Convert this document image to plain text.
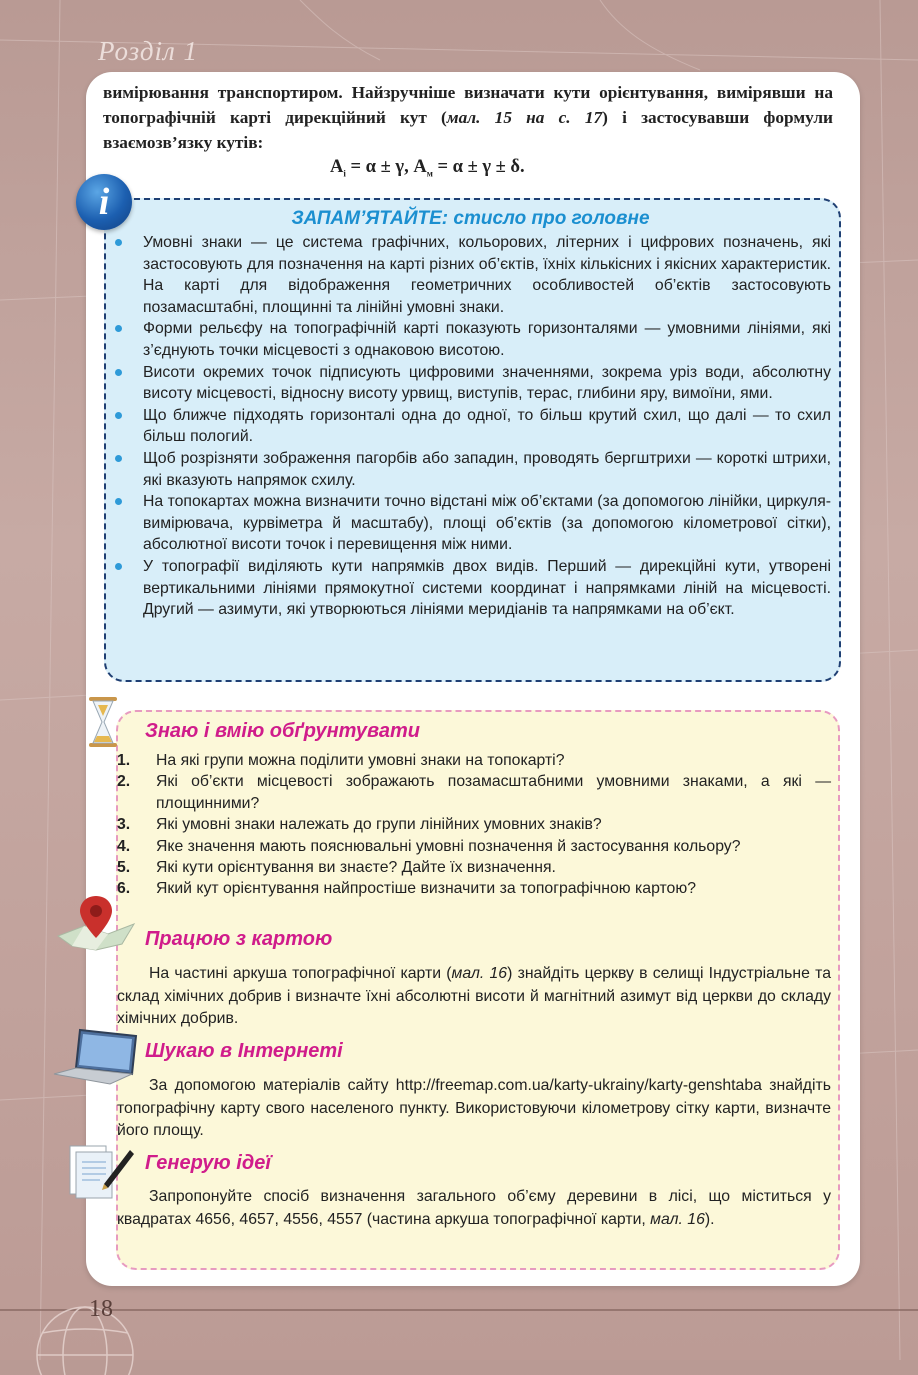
Розділ 1
вимірювання транспортиром. Найзручніше визначати кути орієнтування, вимірявши на топографічній карті дирекційний кут (мал. 15 на с. 17) і застосувавши формули взаємозв’язку кутів:
$А_і = \alpha \pm \gamma$, $А_м = \alpha \pm \gamma \pm \delta$.
i	ЗАПАМ’ЯТАЙТЕ: стисло про головне
Умовні знаки — це система графічних, кольорових, літерних і цифрових позначень, які застосовують для позначення на карті різних об’єктів, їхніх кількісних і якісних характеристик. На карті для відображення геометричних особливостей об’єктів застосовують позамасштабні, площинні та лінійні умовні знаки.
Форми рельєфу на топографічній карті показують горизонталями — умовними лініями, які з’єднують точки місцевості з однаковою висотою.
Висоти окремих точок підписують цифровими значеннями, зокрема уріз води, абсолютну висоту місцевості, відносну висоту урвищ, виступів, терас, глибини яру, вимоїни, ями.
Що ближче підходять горизонталі одна до одної, то більш крутий схил, що далі — то схил більш пологий.
Щоб розрізняти зображення пагорбів або западин, проводять бергштрихи — короткі штрихи, які вказують напрямок схилу.
На топокартах можна визначити точно відстані між об’єктами (за допомогою лінійки, циркуля-вимірювача, курвіметра й масштабу), площі об’єктів (за допомогою кілометрової сітки), абсолютної висоти точок і перевищення між ними.
У топографії виділяють кути напрямків двох видів. Перший — дирекційні кути, утворені вертикальними лініями прямокутної системи координат і напрямками ліній на місцевості. Другий — азимути, які утворюються лініями меридіанів та напрямками на об’єкт.
Знаю і вмію обґрунтувати
1. На які групи можна поділити умовні знаки на топокарті?
2. Які об’єкти місцевості зображають позамасштабними умовними знаками, а які — площинними?
3. Які умовні знаки належать до групи лінійних умовних знаків?
4. Яке значення мають пояснювальні умовні позначення й застосування кольору?
5. Які кути орієнтування ви знаєте? Дайте їх визначення.
6. Який кут орієнтування найпростіше визначити за топографічною картою?
Працюю з картою
На частині аркуша топографічної карти (мал. 16) знайдіть церкву в селищі Індустріальне та склад хімічних добрив і визначте їхні абсолютні висоти й магнітний азимут від церкви до складу хімічних добрив.
Шукаю в Інтернеті
За допомогою матеріалів сайту http://freemap.com.ua/karty-ukrainy/karty-genshtaba знайдіть топографічну карту свого населеного пункту. Використовуючи кілометрову сітку карти, визначте його площу.
Генерую ідеї
Запропонуйте спосіб визначення загального об’єму деревини в лісі, що міститься у квадратах 4656, 4657, 4556, 4557 (частина аркуша топографічної карти, мал. 16).
18
